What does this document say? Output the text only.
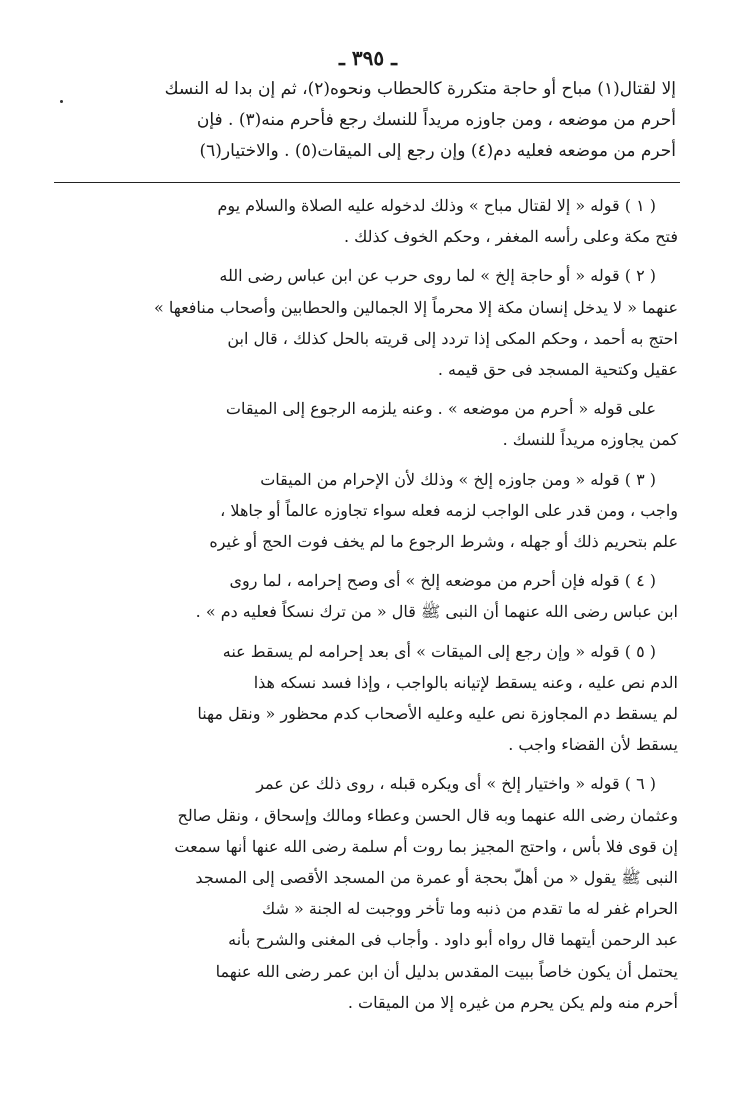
ـ ٣٩٥ ـ
إلا لقتال(١) مباح أو حاجة متكررة كالحطاب ونحوه(٢)، ثم إن بدا له النسك
أحرم من موضعه ، ومن جاوزه مريداً للنسك رجع فأحرم منه(٣) . فإن
أحرم من موضعه فعليه دم(٤) وإن رجع إلى الميقات(٥) . والاختيار(٦)
( ١ ) قوله « إلا لقتال مباح » وذلك لدخوله عليه الصلاة والسلام يوم
فتح مكة وعلى رأسه المغفر ، وحكم الخوف كذلك .
( ٢ ) قوله « أو حاجة إلخ » لما روى حرب عن ابن عباس رضى الله
عنهما « لا يدخل إنسان مكة إلا محرماً إلا الجمالين والحطابين وأصحاب منافعها »
احتج به أحمد ، وحكم المكى إذا تردد إلى قريته بالحل كذلك ، قال ابن
عقيل وكتحية المسجد فى حق قيمه .
على قوله « أحرم من موضعه » . وعنه يلزمه الرجوع إلى الميقات
كمن يجاوزه مريداً للنسك .
( ٣ ) قوله « ومن جاوزه إلخ » وذلك لأن الإحرام من الميقات
واجب ، ومن قدر على الواجب لزمه فعله سواء تجاوزه عالماً أو جاهلا ،
علم بتحريم ذلك أو جهله ، وشرط الرجوع ما لم يخف فوت الحج أو غيره
( ٤ ) قوله فإن أحرم من موضعه إلخ » أى وصح إحرامه ، لما روى
ابن عباس رضى الله عنهما أن النبى ﷺ قال « من ترك نسكاً فعليه دم » .
( ٥ ) قوله « وإن رجع إلى الميقات » أى بعد إحرامه لم يسقط عنه
الدم نص عليه ، وعنه يسقط لإتيانه بالواجب ، وإذا فسد نسكه هذا
لم يسقط دم المجاوزة نص عليه وعليه الأصحاب كدم محظور « ونقل مهنا
يسقط لأن القضاء واجب .
( ٦ ) قوله « واختيار إلخ » أى ويكره قبله ، روى ذلك عن عمر
وعثمان رضى الله عنهما وبه قال الحسن وعطاء ومالك وإسحاق ، ونقل صالح
إن قوى فلا بأس ، واحتج المجيز بما روت أم سلمة رضى الله عنها أنها سمعت
النبى ﷺ يقول « من أهلّ بحجة أو عمرة من المسجد الأقصى إلى المسجد
الحرام غفر له ما تقدم من ذنبه وما تأخر ووجبت له الجنة « شك
عبد الرحمن أيتهما قال رواه أبو داود . وأجاب فى المغنى والشرح بأنه
يحتمل أن يكون خاصاً ببيت المقدس بدليل أن ابن عمر رضى الله عنهما
أحرم منه ولم يكن يحرم من غيره إلا من الميقات .
